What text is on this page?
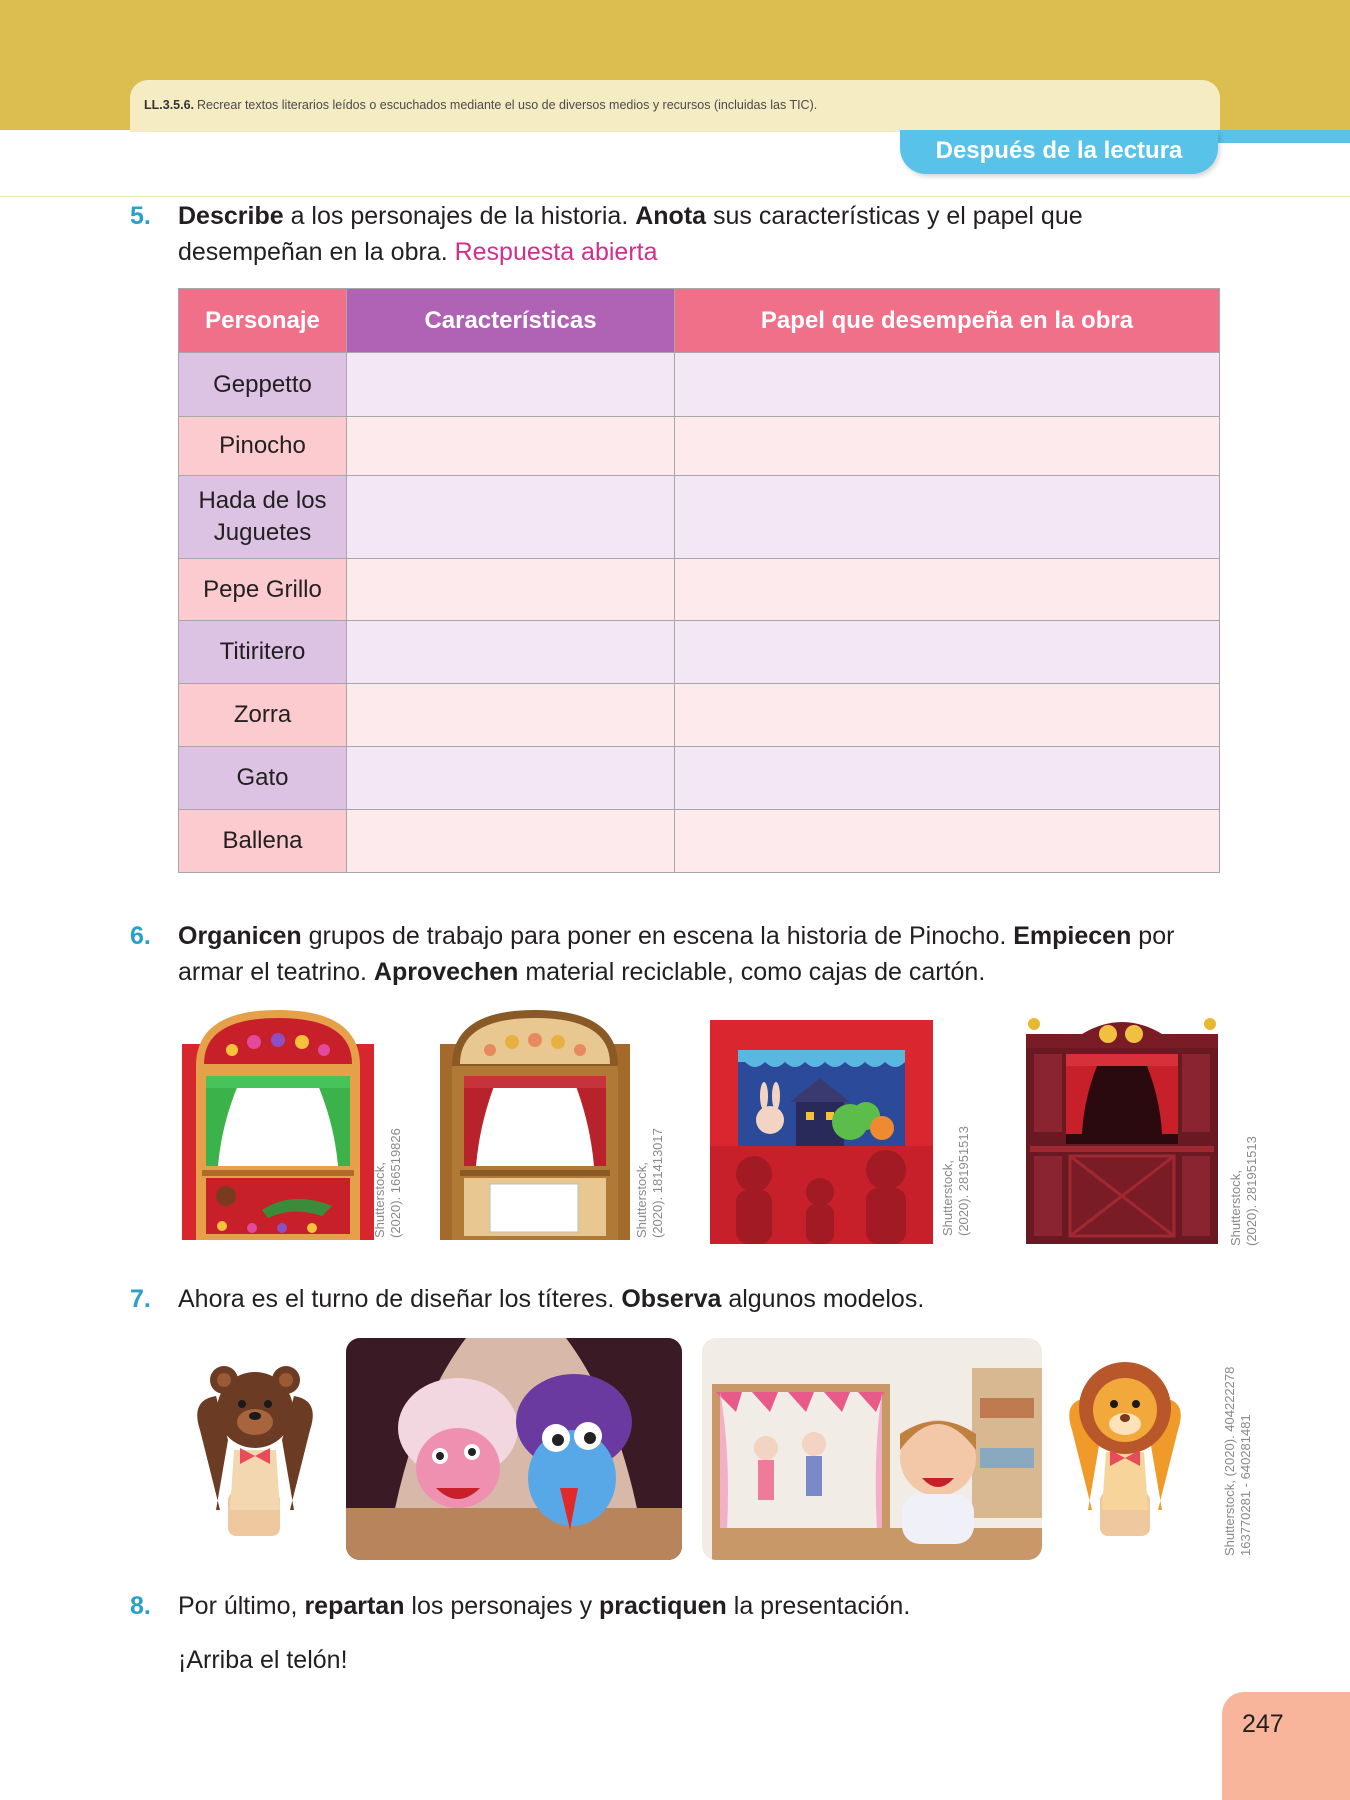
LL.3.5.6. Recrear textos literarios leídos o escuchados mediante el uso de diversos medios y recursos (incluidas las TIC).
Después de la lectura
5. Describe a los personajes de la historia. Anota sus características y el papel que desempeñan en la obra. Respuesta abierta
Personaje	Características	Papel que desempeña en la obra
Geppetto		
Pinocho		
Hada de los Juguetes		
Pepe Grillo		
Titiritero		
Zorra		
Gato		
Ballena		
6. Organicen grupos de trabajo para poner en escena la historia de Pinocho. Empiecen por armar el teatrino. Aprovechen material reciclable, como cajas de cartón.
Shutterstock,
(2020). 166519826
Shutterstock,
(2020). 181413017	Shutterstock,
(2020). 281951513
Shutterstock,
(2020). 281951513
7. Ahora es el turno de diseñar los títeres. Observa algunos modelos.
Shutterstock, (2020). 404222278
163770281 - 640281481
8. Por último, repartan los personajes y practiquen la presentación.
¡Arriba el telón!
247
